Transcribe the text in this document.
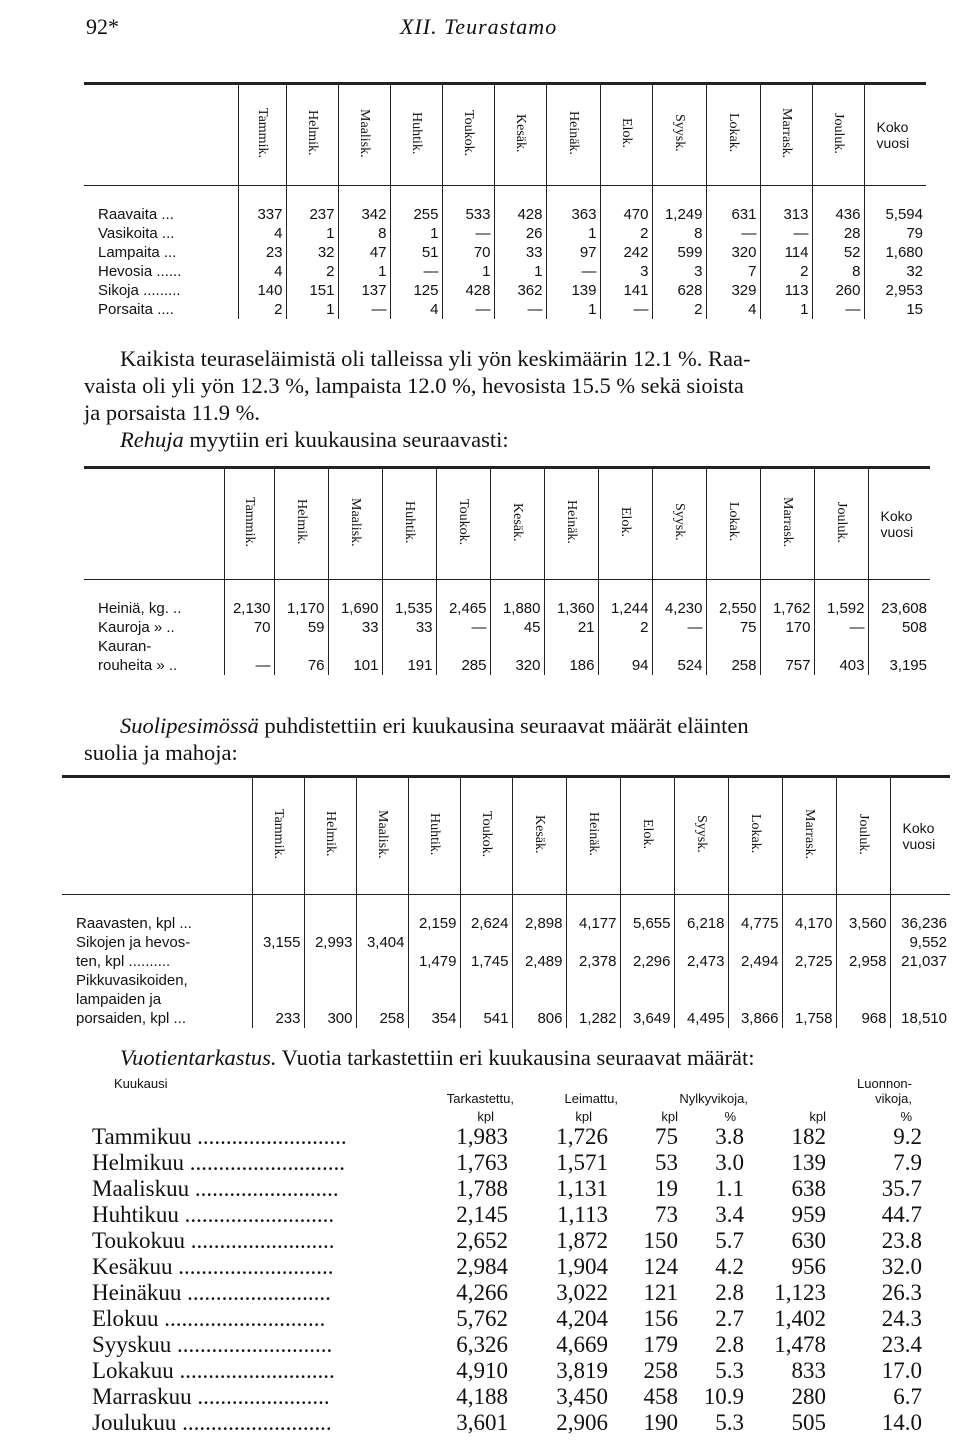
92*	XII. Teurastamo
	Tammik.	Helmik.	Maalisk.	Huhtik.	Toukok.	Kesäk.	Heinäk.	Elok.	Syysk.	Lokak.	Marrask.	Jouluk.	Koko
vuosi

Raavaita ...	337	237	342	255	533	428	363	470	1,249	631	313	436	5,594
Vasikoita ...	4	1	8	1	—	26	1	2	8	—	—	28	79
Lampaita ...	23	32	47	51	70	33	97	242	599	320	114	52	1,680
Hevosia ......	4	2	1	—	1	1	—	3	3	7	2	8	32
Sikoja .........	140	151	137	125	428	362	139	141	628	329	113	260	2,953
Porsaita ....	2	1	—	4	—	—	1	—	2	4	1	—	15

Kaikista teuraseläimistä oli talleissa yli yön keskimäärin 12.1 %. Raa-

vaista oli yli yön 12.3 %, lampaista 12.0 %, hevosista 15.5 % sekä sioista

ja porsaista 11.9 %.

Rehuja myytiin eri kuukausina seuraavasti:

	Tammik.	Helmik.	Maalisk.	Huhtik.	Toukok.	Kesäk.	Heinäk.	Elok.	Syysk.	Lokak.	Marrask.	Jouluk.	Koko
vuosi

Heiniä, kg. ..	2,130	1,170	1,690	1,535	2,465	1,880	1,360	1,244	4,230	2,550	1,762	1,592	23,608
Kauroja » ..	70	59	33	33	—	45	21	2	—	75	170	—	508
Kauran-													
rouheita » ..	—	76	101	191	285	320	186	94	524	258	757	403	3,195

Suolipesimössä puhdistettiin eri kuukausina seuraavat määrät eläinten

suolia ja mahoja:

	Tammik.	Helmik.	Maalisk.	Huhtik.	Toukok.	Kesäk.	Heinäk.	Elok.	Syysk.	Lokak.	Marrask.	Jouluk.	Koko
vuosi

Raavasten, kpl ...				2,159	2,624	2,898	4,177	5,655	6,218	4,775	4,170	3,560	36,236
Sikojen ja hevos-	3,155	2,993	3,404										9,552
ten, kpl ..........				1,479	1,745	2,489	2,378	2,296	2,473	2,494	2,725	2,958	21,037
Pikkuvasikoiden,													
lampaiden ja													
porsaiden, kpl ...	233	300	258	354	541	806	1,282	3,649	4,495	3,866	1,758	968	18,510

Vuotientarkastus. Vuotia tarkastettiin eri kuukausina seuraavat määrät:

Kuukausi	Tarkastettu,	Leimattu,	Nylkyvikoja,		Luonnon-
vikoja,	

	kpl	kpl	kpl	%	kpl	%
Tammikuu ..........................	1,983	1,726	75	3.8	182	9.2
Helmikuu ...........................	1,763	1,571	53	3.0	139	7.9
Maaliskuu .........................	1,788	1,131	19	1.1	638	35.7
Huhtikuu ..........................	2,145	1,113	73	3.4	959	44.7
Toukokuu .........................	2,652	1,872	150	5.7	630	23.8
Kesäkuu ...........................	2,984	1,904	124	4.2	956	32.0
Heinäkuu .........................	4,266	3,022	121	2.8	1,123	26.3
Elokuu ............................	5,762	4,204	156	2.7	1,402	24.3
Syyskuu ...........................	6,326	4,669	179	2.8	1,478	23.4
Lokakuu ...........................	4,910	3,819	258	5.3	833	17.0
Marraskuu .......................	4,188	3,450	458	10.9	280	6.7
Joulukuu ..........................	3,601	2,906	190	5.3	505	14.0
